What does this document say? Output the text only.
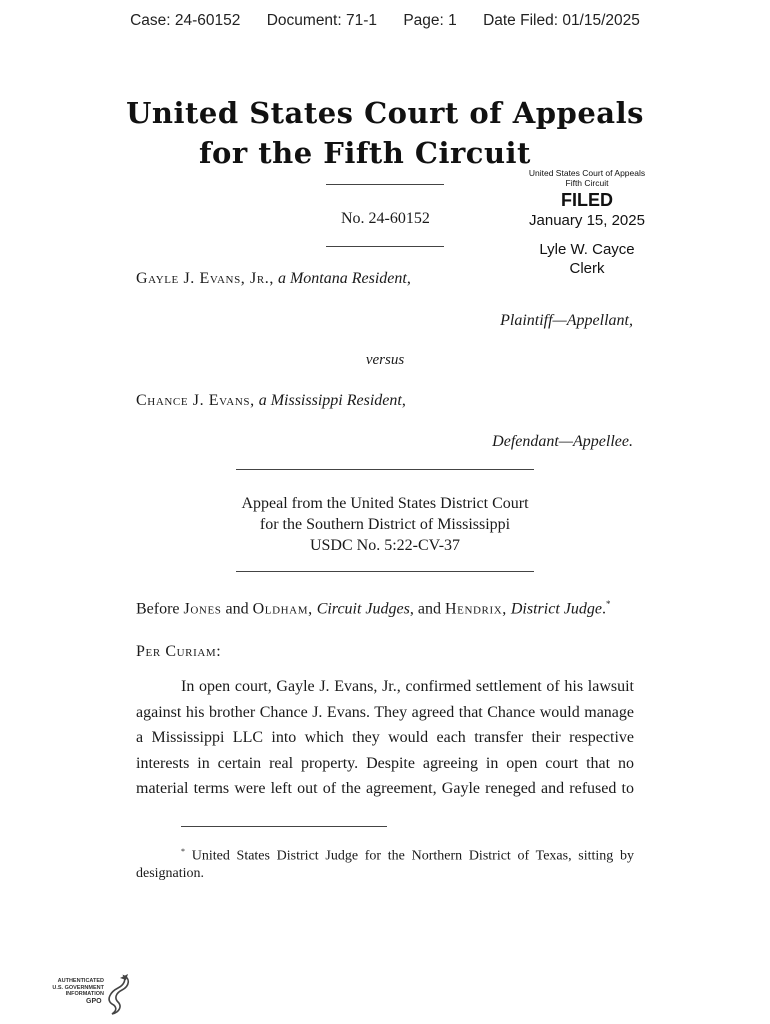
Case: 24-60152 Document: 71-1 Page: 1 Date Filed: 01/15/2025
United States Court of Appeals
for the Fifth Circuit
United States Court of Appeals
Fifth Circuit
FILED
January 15, 2025
Lyle W. Cayce
Clerk
No. 24-60152
Gayle J. Evans, Jr., a Montana Resident,
Plaintiff—Appellant,
versus
Chance J. Evans, a Mississippi Resident,
Defendant—Appellee.
Appeal from the United States District Court
for the Southern District of Mississippi
USDC No. 5:22-CV-37
Before Jones and Oldham, Circuit Judges, and Hendrix, District Judge.*
Per Curiam:
In open court, Gayle J. Evans, Jr., confirmed settlement of his lawsuit
against his brother Chance J. Evans. They agreed that Chance would manage
a Mississippi LLC into which they would each transfer their respective
interests in certain real property. Despite agreeing in open court that no
material terms were left out of the agreement, Gayle reneged and refused to
* United States District Judge for the Northern District of Texas, sitting by
designation.
AUTHENTICATED
U.S. GOVERNMENT
INFORMATION
GPO
